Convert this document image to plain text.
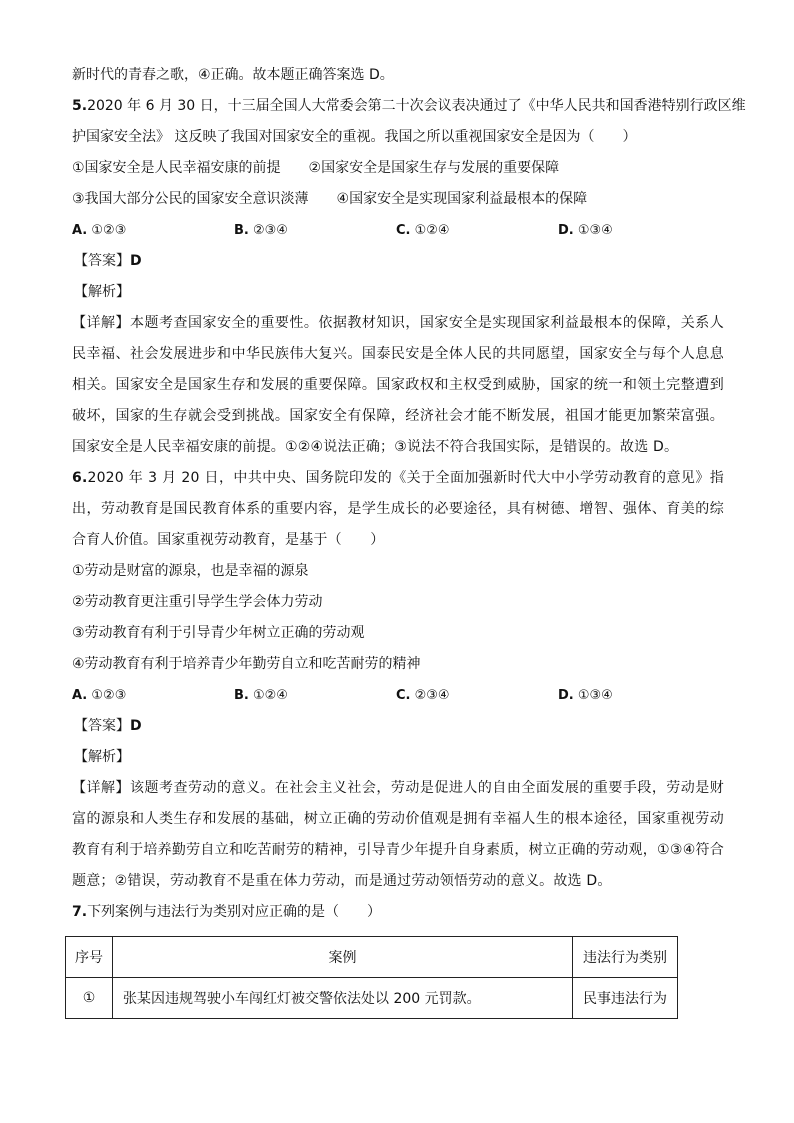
新时代的青春之歌，④正确。故本题正确答案选 D。
5.2020 年 6 月 30 日，十三届全国人大常委会第二十次会议表决通过了《中华人民共和国香港特别行政区维
护国家安全法》 这反映了我国对国家安全的重视。我国之所以重视国家安全是因为（　　）
①国家安全是人民幸福安康的前提　　②国家安全是国家生存与发展的重要保障
③我国大部分公民的国家安全意识淡薄　　④国家安全是实现国家利益最根本的保障
A. ①②③	B. ②③④	C. ①②④	D. ①③④
【答案】D
【解析】
【详解】本题考查国家安全的重要性。依据教材知识，国家安全是实现国家利益最根本的保障，关系人民幸福、社会发展进步和中华民族伟大复兴。国泰民安是全体人民的共同愿望，国家安全与每个人息息相关。国家安全是国家生存和发展的重要保障。国家政权和主权受到威胁，国家的统一和领土完整遭到破坏，国家的生存就会受到挑战。国家安全有保障，经济社会才能不断发展，祖国才能更加繁荣富强。国家安全是人民幸福安康的前提。①②④说法正确；③说法不符合我国实际，是错误的。故选 D。
6.2020 年 3 月 20 日，中共中央、国务院印发的《关于全面加强新时代大中小学劳动教育的意见》指出，劳动教育是国民教育体系的重要内容，是学生成长的必要途径，具有树德、增智、强体、育美的综合育人价值。国家重视劳动教育，是基于（　　）
①劳动是财富的源泉，也是幸福的源泉
②劳动教育更注重引导学生学会体力劳动
③劳动教育有利于引导青少年树立正确的劳动观
④劳动教育有利于培养青少年勤劳自立和吃苦耐劳的精神
A. ①②③	B. ①②④	C. ②③④	D. ①③④
【答案】D
【解析】
【详解】该题考查劳动的意义。在社会主义社会，劳动是促进人的自由全面发展的重要手段，劳动是财富的源泉和人类生存和发展的基础，树立正确的劳动价值观是拥有幸福人生的根本途径，国家重视劳动教育有利于培养勤劳自立和吃苦耐劳的精神，引导青少年提升自身素质，树立正确的劳动观，①③④符合题意；②错误，劳动教育不是重在体力劳动，而是通过劳动领悟劳动的意义。故选 D。
7.下列案例与违法行为类别对应正确的是（　　）
序号	案例	违法行为类别
①	张某因违规驾驶小车闯红灯被交警依法处以 200 元罚款。	民事违法行为
